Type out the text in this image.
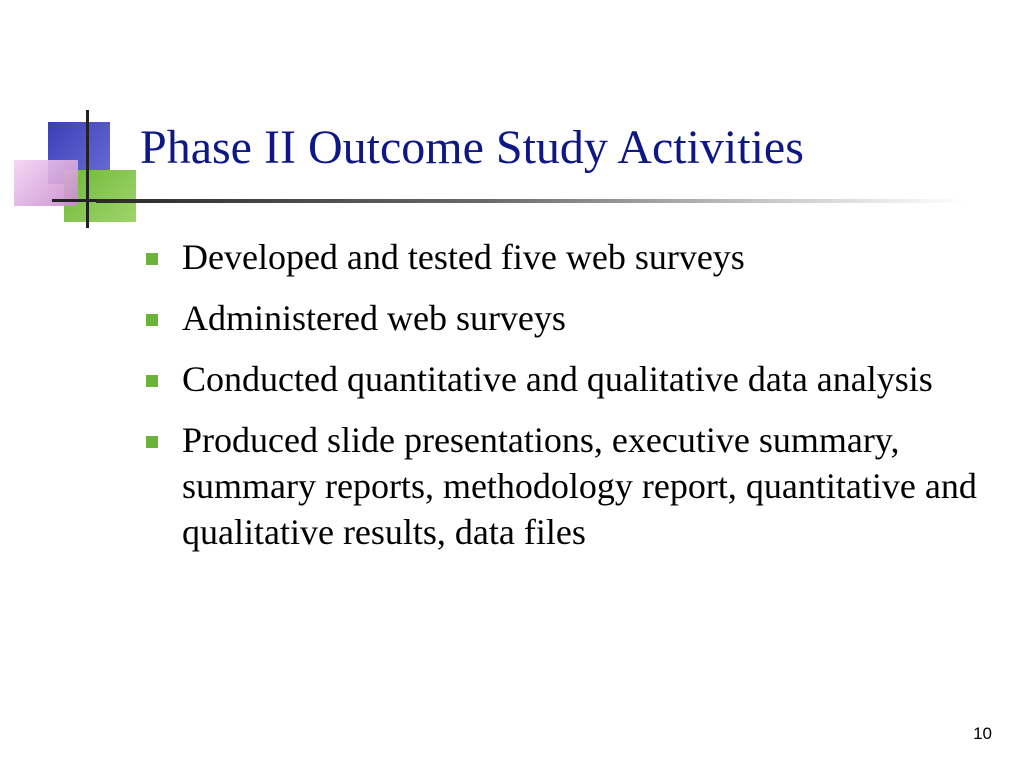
Phase II Outcome Study Activities
Developed and tested five web surveys
Administered web surveys
Conducted quantitative and qualitative data analysis
Produced slide presentations, executive summary, summary reports, methodology report, quantitative and qualitative results, data files
10
